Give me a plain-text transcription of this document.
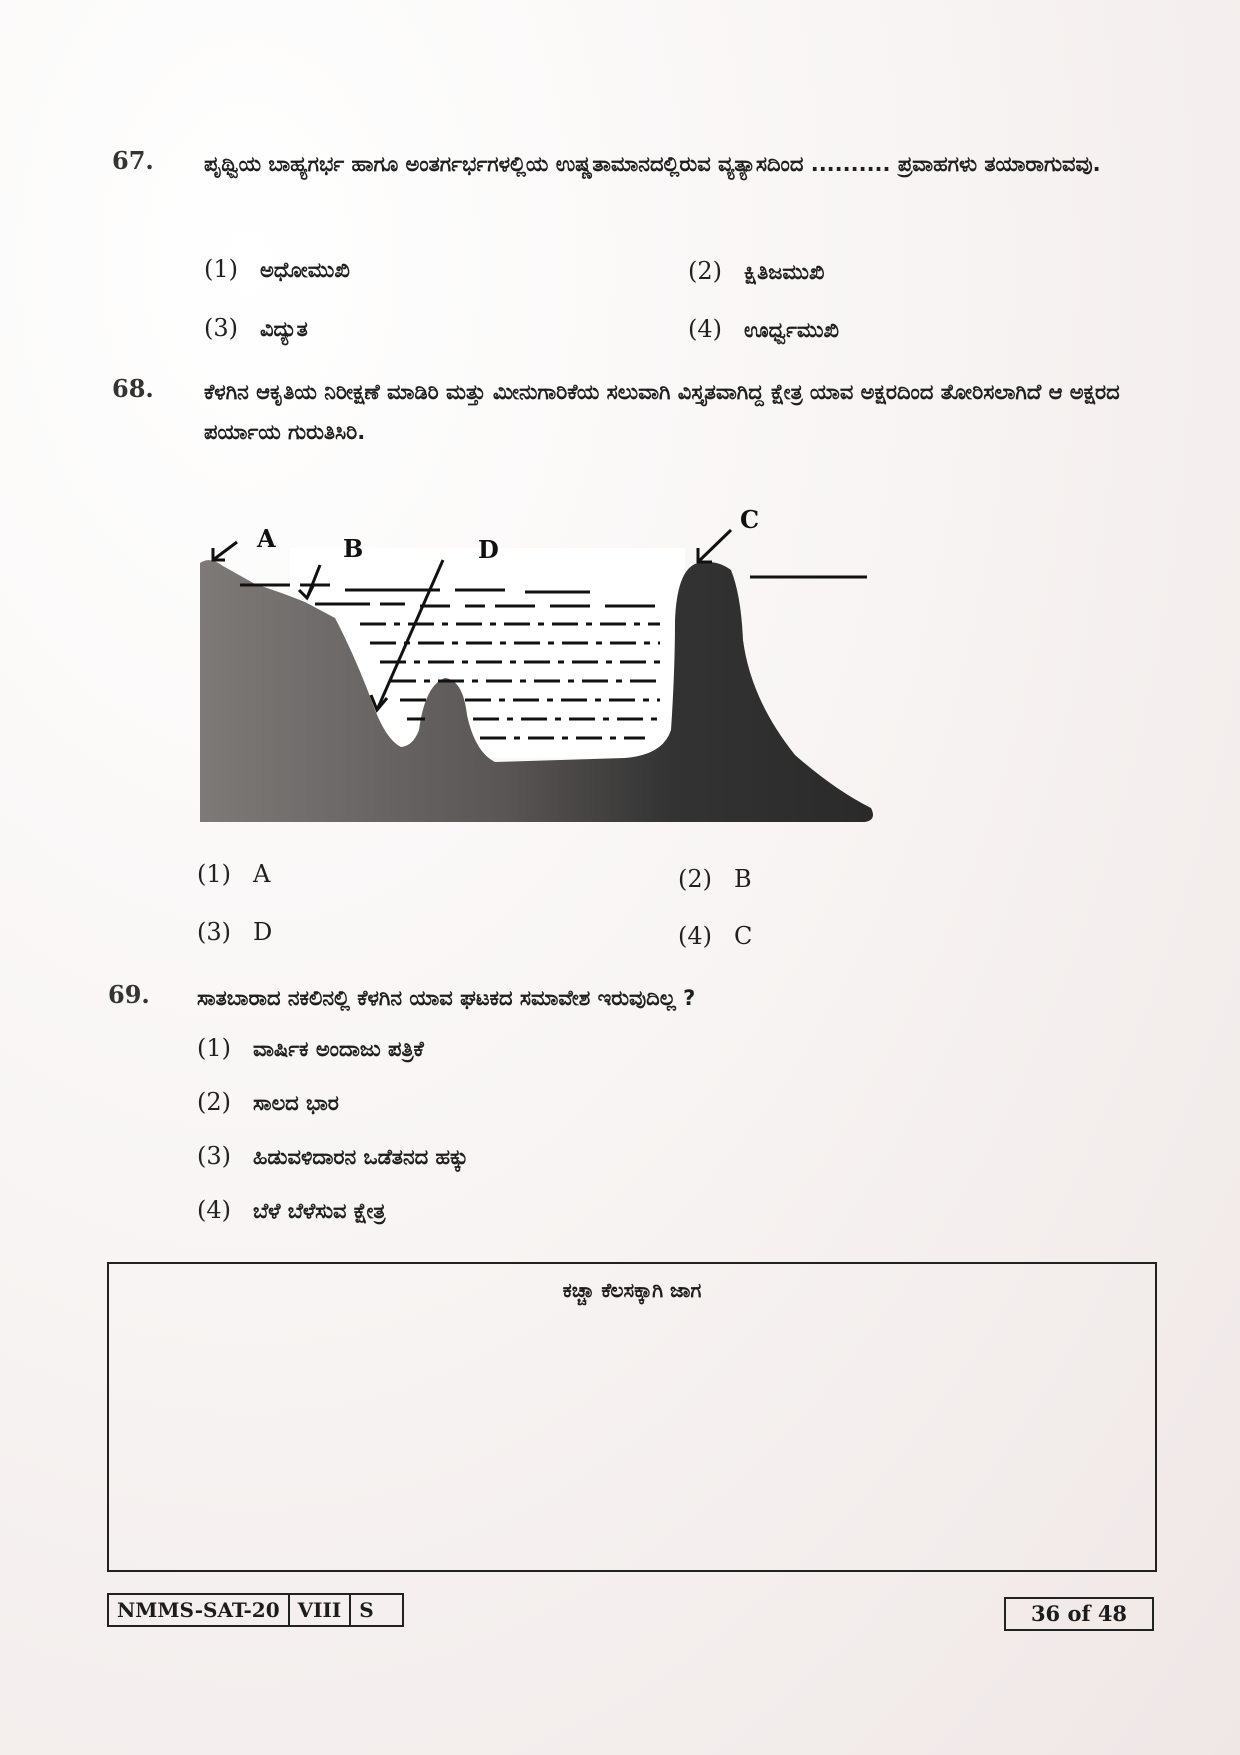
67. ಪೃಥ್ವಿಯ ಬಾಹ್ಯಗರ್ಭ ಹಾಗೂ ಅಂತರ್ಗರ್ಭಗಳಲ್ಲಿಯ ಉಷ್ಣತಾಮಾನದಲ್ಲಿರುವ ವ್ಯತ್ಯಾಸದಿಂದ .......... ಪ್ರವಾಹಗಳು ತಯಾರಾಗುವವು.
(1) ಅಧೋಮುಖಿ	(2) ಕ್ಷಿತಿಜಮುಖಿ
(3) ವಿದ್ಯುತ	(4) ಊರ್ಧ್ವಮುಖಿ
68. ಕೆಳಗಿನ ಆಕೃತಿಯ ನಿರೀಕ್ಷಣೆ ಮಾಡಿರಿ ಮತ್ತು ಮೀನುಗಾರಿಕೆಯ ಸಲುವಾಗಿ ವಿಸ್ತೃತವಾಗಿದ್ದ ಕ್ಷೇತ್ರ ಯಾವ ಅಕ್ಷರದಿಂದ ತೋರಿಸಲಾಗಿದೆ ಆ ಅಕ್ಷರದ ಪರ್ಯಾಯ ಗುರುತಿಸಿರಿ.
A	B
C
D
(1) A	(2) B
(3) D	(4) C
69. ಸಾತಬಾರಾದ ನಕಲಿನಲ್ಲಿ ಕೆಳಗಿನ ಯಾವ ಘಟಕದ ಸಮಾವೇಶ ಇರುವುದಿಲ್ಲ ?
(1) ವಾರ್ಷಿಕ ಅಂದಾಜು ಪತ್ರಿಕೆ
(2) ಸಾಲದ ಭಾರ
(3) ಹಿಡುವಳಿದಾರನ ಒಡೆತನದ ಹಕ್ಕು
(4) ಬೆಳೆ ಬೆಳೆಸುವ ಕ್ಷೇತ್ರ
ಕಚ್ಚಾ ಕೆಲಸಕ್ಕಾಗಿ ಜಾಗ
NMMS-SAT-20 VIII S	36 of 48
